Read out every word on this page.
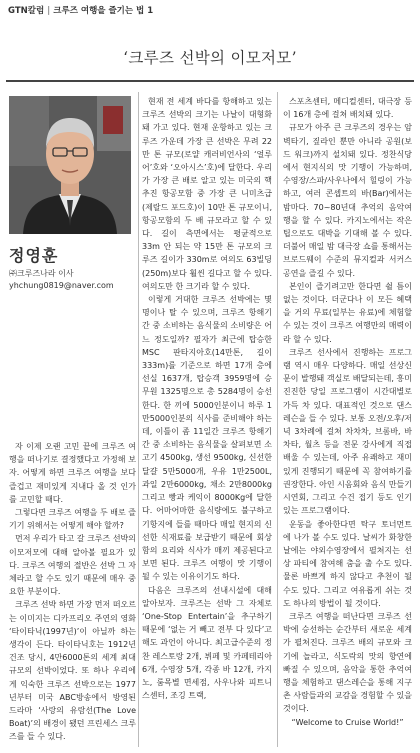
GTN칼럼 | 크루즈 여행을 즐기는 법 1
‘크루즈 선박의 이모저모’
정영훈
㈜크루즈나라 이사
yhchung0819@naver.com

자 이제 오랜 고민 끝에 크루즈 여행을 떠나기로 결정했다고 가정해 보자. 어떻게 하면 크루즈 여행을 보다 즐겁고 재미있게 지내다 올 것 인가를 고민할 때다.

그렇다면 크루즈 여행을 두 배로 즐기기 위해서는 어떻게 해야 할까?

먼저 우리가 타고 갈 크루즈 선박의 이모저모에 대해 알아볼 필요가 있다. 크루즈 여행의 절반은 선박 그 자체라고 할 수도 있기 때문에 매우 중요한 부분이다.

크루즈 선박 하면 가장 먼저 떠오르는 이미지는 디카프리오 주연의 영화 ‘타이타닉(1997년)’이 아닐까 하는 생각이 든다. 타이타닉호는 1912년 건조 당시, 4만6000톤의 세계 최대 규모의 선박이었다. 또 하나 우리에게 익숙한 크루즈 선박으로는 1977년부터 미국 ABC방송에서 방영된 드라마 ‘사랑의 유람선(The Love Boat)’의 배경이 됐던 프린세스 크루즈를 들 수 있다.

현재 전 세계 바다를 항해하고 있는 크루즈 선박의 크기는 나날이 대형화돼 가고 있다. 현재 운항하고 있는 크루즈 가운데 가장 큰 선박은 무려 22만 톤 규모(로얄 캐러비언사의 ‘얼루어’호와 ‘오아시스’호)에 달한다. 우리가 가장 큰 배로 알고 있는 미국의 핵추진 항공모함 중 가장 큰 니미츠급(제랄드 포드호)이 10만 톤 규모이니, 항공모함의 두 배 규모라고 할 수 있다. 길이 측면에서는 평균적으로 33m 안 되는 약 15만 톤 규모의 크루즈 길이가 330m로 여의도 63빌딩(250m)보다 훨씬 길다고 할 수 있다. 여의도만 한 크기라 할 수 있다.

이렇게 거대한 크루즈 선박에는 몇 명이나 탈 수 있으며, 크루즈 항해기간 중 소비하는 음식물의 소비량은 어느 정도일까? 필자가 최근에 탑승한 MSC 판타지아호(14만톤, 길이 333m)를 기준으로 하면 17개 층에 선실 1637개, 탑승객 3959명에 승무원 1325명으로 총 5284명이 승선한다. 한 끼에 5000인분이니 하루 1만5000인분의 식사를 준비해야 하는데, 이틀이 좀 11일간 크루즈 항해기간 중 소비하는 음식물을 살펴보면 소고기 4500kg, 생선 9500kg, 신선한 달걀 5만5000개, 우유 1만2500L, 과일 2만6000kg, 채소 2만8000kg 그리고 빵과 케익이 8000Kg에 달한다. 어마어마한 음식량에도 불구하고 기항지에 들를 때마다 매일 현지의 신선한 식재료를 보급받기 때문에 회상함의 요리와 식사가 매끼 제공된다고 보면 된다. 크루즈 여행이 맛 기행이 될 수 있는 이유이기도 하다.

다음은 크루즈의 선내시설에 대해 알아보자. 크루즈는 선박 그 자체로 ‘One-Stop Entertain’을 추구하기 때문에 ‘없는 거 빼고 전부 다 있다’고 해도 과언이 아니다. 최고급수준의 정찬 레스토랑 2개, 뷔페 및 카페테리아 6개, 수영장 5개, 각종 바 12개, 카지노, 룸목별 면세점, 사우나와 피트니스센터, 조깅 트랙,

스포츠센터, 메디컬센터, 대극장 등이 16개 층에 걸쳐 배치돼 있다.

규모가 아주 큰 크루즈의 경우는 암벽타기, 짚라인 뿐만 아니라 공원(보드 워크)까지 설치돼 있다. 정찬식당에서 현지식의 맛 기행이 가능하며, 수영장/스파/사우나에서 힐링이 가능하고, 여러 콘셉트의 바(Bar)에서는 밤마다. 70~80년대 추억의 음악여행을 할 수 있다. 카지노에서는 작은 팁으로도 대박을 기대해 볼 수 있다. 더불어 매일 밤 대극장 쇼를 통해서는 브로드웨이 수준의 뮤지컬과 서커스 공연을 즐길 수 있다.

본인이 즐기려고만 한다면 쉴 틈이 없는 것이다. 더군다나 이 모든 혜택을 거의 무료(일부는 유료)에 체험할 수 있는 것이 크루즈 여행만의 매력이라 할 수 있다.

크루즈 선사에서 진행하는 프로그램 역시 매우 다양하다. 매일 선상신문이 발행돼 객실로 배달되는데, 흥미진진한 당일 프로그램이 시간대별로 가득 차 있다. 대표적인 것으로 댄스 레슨을 들 수 있다. 보통 오전/오후/저녁 3차례에 걸쳐 차차차, 브롬바, 바차타, 월츠 등을 전문 강사에게 직접 배울 수 있는데, 아주 유쾌하고 재미있게 진행되기 때문에 꼭 참여하기를 권장한다. 아인 시음회와 음식 만들기 시연회, 그리고 수건 접기 등도 인기 있는 프로그램이다.

운동을 좋아한다면 탁구 토너먼트에 나가 볼 수도 있다. 날씨가 화창한 날에는 야외수영장에서 펼쳐지는 선상 파티에 참여해 춤을 출 수도 있다. 물론 바쁘게 하지 않다고 추천이 될 수도 있다. 그리고 여유롭게 쉬는 것도 하나의 방법이 될 것이다.

크루즈 여행을 떠난다면 크루즈 선박에 승선하는 순간부터 새로운 세계가 펼쳐진다. 크루즈 배의 규모와 크기에 놀라고, 식도락의 맛의 향연에 빠질 수 있으며, 음악을 통한 추억여행을 체험하고 댄스레슨을 통해 지구촌 사람들과의 교감을 경험할 수 있을 것이다.

“Welcome to Cruise World!”
